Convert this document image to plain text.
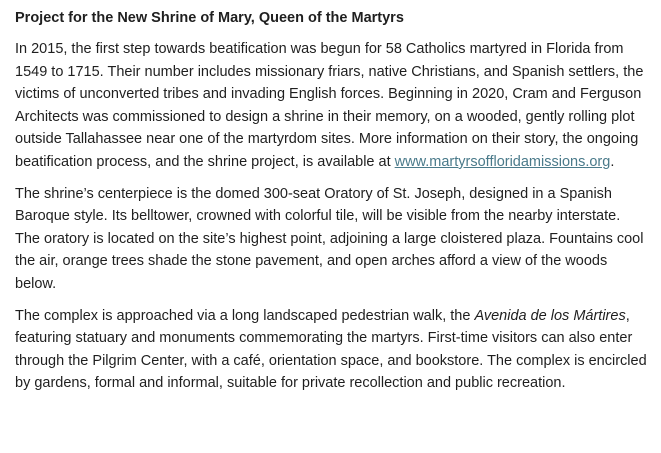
Project for the New Shrine of Mary, Queen of the Martyrs

In 2015, the first step towards beatification was begun for 58 Catholics martyred in Florida from 1549 to 1715. Their number includes missionary friars, native Christians, and Spanish settlers, the victims of unconverted tribes and invading English forces. Beginning in 2020, Cram and Ferguson Architects was commissioned to design a shrine in their memory, on a wooded, gently rolling plot outside Tallahassee near one of the martyrdom sites. More information on their story, the ongoing beatification process, and the shrine project, is available at www.martyrsoffloridamissions.org.

The shrine’s centerpiece is the domed 300-seat Oratory of St. Joseph, designed in a Spanish Baroque style. Its belltower, crowned with colorful tile, will be visible from the nearby interstate. The oratory is located on the site’s highest point, adjoining a large cloistered plaza. Fountains cool the air, orange trees shade the stone pavement, and open arches afford a view of the woods below.

The complex is approached via a long landscaped pedestrian walk, the Avenida de los Mártires, featuring statuary and monuments commemorating the martyrs. First-time visitors can also enter through the Pilgrim Center, with a café, orientation space, and bookstore. The complex is encircled by gardens, formal and informal, suitable for private recollection and public recreation.
